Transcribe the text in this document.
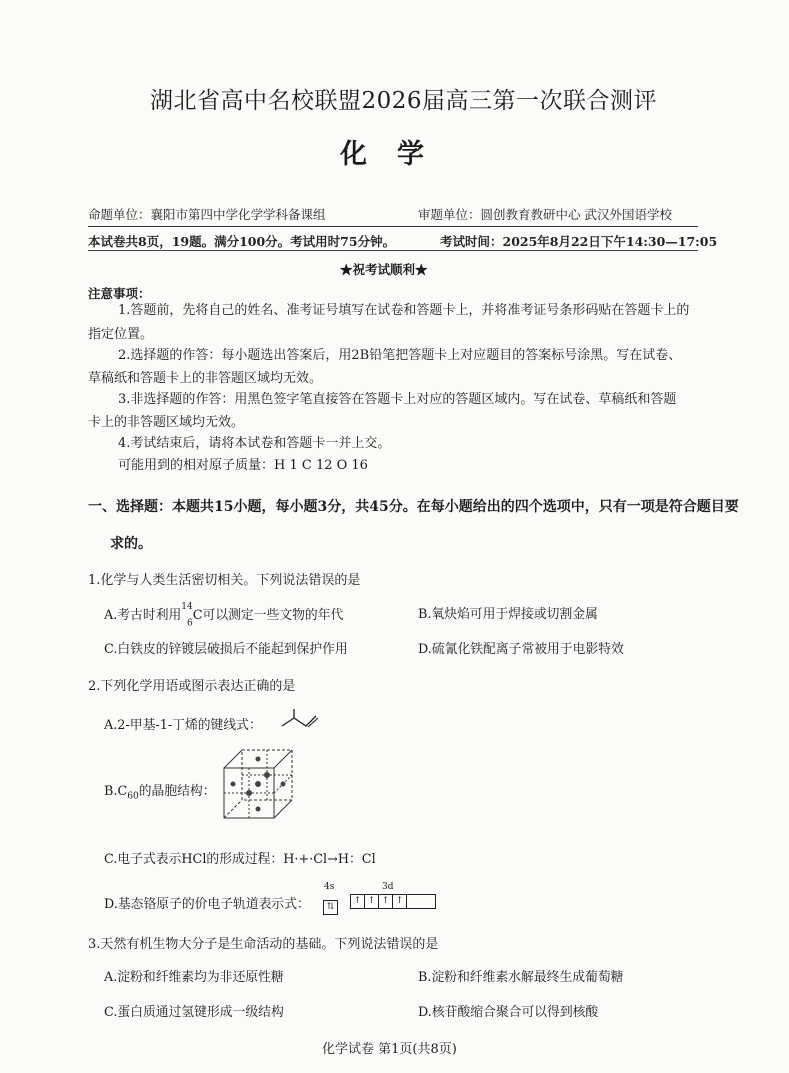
湖北省高中名校联盟2026届高三第一次联合测评
化学
命题单位：襄阳市第四中学化学学科备课组	审题单位：圆创教育教研中心 武汉外国语学校
本试卷共8页，19题。满分100分。考试用时75分钟。	考试时间：2025年8月22日下午14:30—17:05
★祝考试顺利★
注意事项：
1.答题前，先将自己的姓名、准考证号填写在试卷和答题卡上，并将准考证号条形码贴在答题卡上的
指定位置。
2.选择题的作答：每小题选出答案后，用2B铅笔把答题卡上对应题目的答案标号涂黑。写在试卷、
草稿纸和答题卡上的非答题区域均无效。
3.非选择题的作答：用黑色签字笔直接答在答题卡上对应的答题区域内。写在试卷、草稿纸和答题
卡上的非答题区域均无效。
4.考试结束后，请将本试卷和答题卡一并上交。
可能用到的相对原子质量：H 1 C 12 O 16
一、选择题：本题共15小题，每小题3分，共45分。在每小题给出的四个选项中，只有一项是符合题目要
求的。
1.化学与人类生活密切相关。下列说法错误的是
A.考古时利用$^{14}$
$_6$C可以测定一些文物的年代	B.氧炔焰可用于焊接或切割金属
C.白铁皮的锌镀层破损后不能起到保护作用	D.硫氰化铁配离子常被用于电影特效
2.下列化学用语或图示表达正确的是
A.2-甲基-1-丁烯的键线式：
$B.C_{60}$的晶胞结构：
C.电子式表示HCl的形成过程：H·+·Cl→H：Cl
D.基态铬原子的价电子轨道表示式：
4s	3d
⇅
↑ ↑ ↑ ↑
3.天然有机生物大分子是生命活动的基础。下列说法错误的是
A.淀粉和纤维素均为非还原性糖	B.淀粉和纤维素水解最终生成葡萄糖
C.蛋白质通过氢键形成一级结构	D.核苷酸缩合聚合可以得到核酸
化学试卷 第1页(共8页)
